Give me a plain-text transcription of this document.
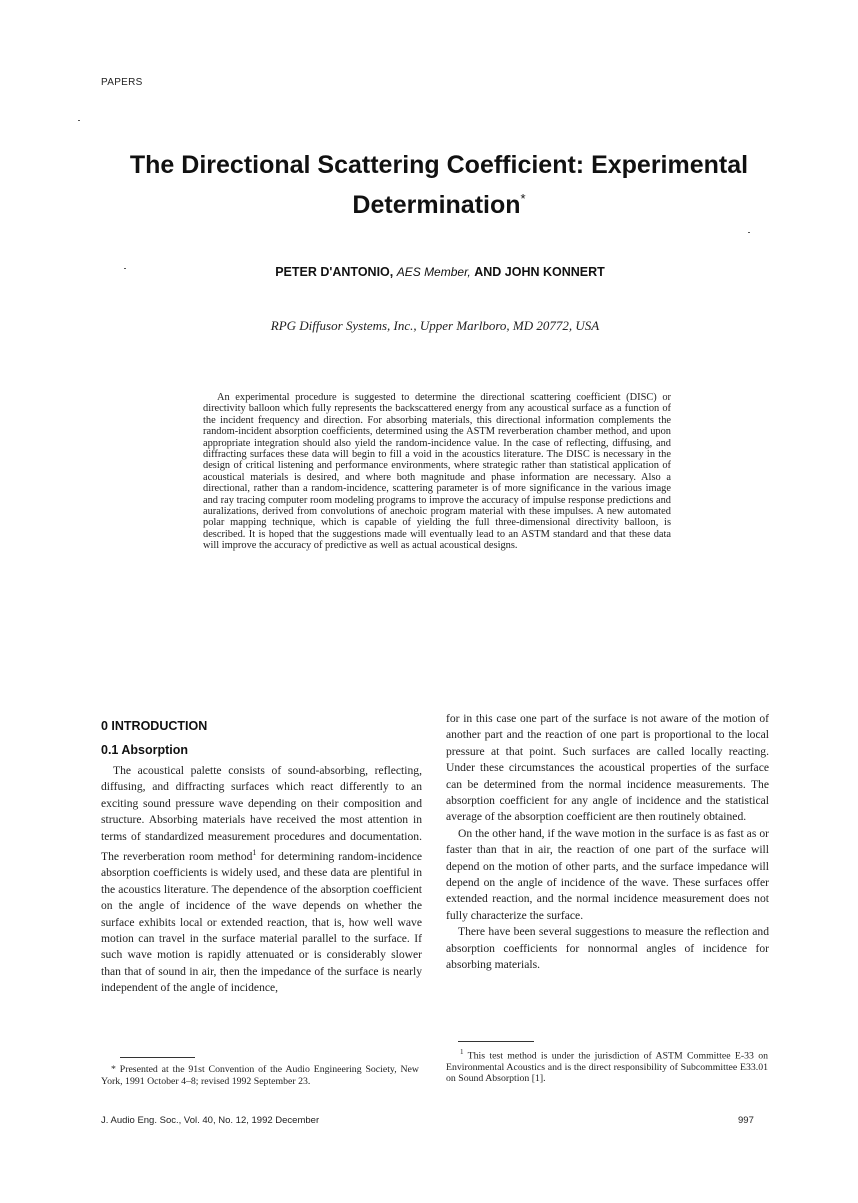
PAPERS
The Directional Scattering Coefficient: Experimental
Determination*
PETER D'ANTONIO, AES Member, AND JOHN KONNERT
RPG Diffusor Systems, Inc., Upper Marlboro, MD 20772, USA
An experimental procedure is suggested to determine the directional scattering coefficient (DISC) or directivity balloon which fully represents the backscattered energy from any acoustical surface as a function of the incident frequency and direction. For absorbing materials, this directional information complements the random-incident absorption coefficients, determined using the ASTM reverberation chamber method, and upon appropriate integration should also yield the random-incidence value. In the case of reflecting, diffusing, and diffracting surfaces these data will begin to fill a void in the acoustics literature. The DISC is necessary in the design of critical listening and performance environments, where strategic rather than statistical application of acoustical materials is desired, and where both magnitude and phase information are necessary. Also a directional, rather than a random-incidence, scattering parameter is of more significance in the various image and ray tracing computer room modeling programs to improve the accuracy of impulse response predictions and auralizations, derived from convolutions of anechoic program material with these impulses. A new automated polar mapping technique, which is capable of yielding the full three-dimensional directivity balloon, is described. It is hoped that the suggestions made will eventually lead to an ASTM standard and that these data will improve the accuracy of predictive as well as actual acoustical designs.
0 INTRODUCTION
0.1 Absorption

The acoustical palette consists of sound-absorbing, reflecting, diffusing, and diffracting surfaces which react differently to an exciting sound pressure wave depending on their composition and structure. Absorbing materials have received the most attention in terms of standardized measurement procedures and documentation. The reverberation room method$^1$ for determining random-incidence absorption coefficients is widely used, and these data are plentiful in the acoustics literature. The dependence of the absorption coefficient on the angle of incidence of the wave depends on whether the surface exhibits local or extended reaction, that is, how well wave motion can travel in the surface material parallel to the surface. If such wave motion is rapidly attenuated or is considerably slower than that of sound in air, then the impedance of the surface is nearly independent of the angle of incidence,

for in this case one part of the surface is not aware of the motion of another part and the reaction of one part is proportional to the local pressure at that point. Such surfaces are called locally reacting. Under these circumstances the acoustical properties of the surface can be determined from the normal incidence measurements. The absorption coefficient for any angle of incidence and the statistical average of the absorption coefficient are then routinely obtained.

On the other hand, if the wave motion in the surface is as fast as or faster than that in air, the reaction of one part of the surface will depend on the motion of other parts, and the surface impedance will depend on the angle of incidence of the wave. These surfaces offer extended reaction, and the normal incidence measurement does not fully characterize the surface.

There have been several suggestions to measure the reflection and absorption coefficients for nonnormal angles of incidence for absorbing materials.

* Presented at the 91st Convention of the Audio Engineering Society, New York, 1991 October 4–8; revised 1992 September 23.
$^1$ This test method is under the jurisdiction of ASTM Committee E-33 on Environmental Acoustics and is the direct responsibility of Subcommittee E33.01 on Sound Absorption [1].
J. Audio Eng. Soc., Vol. 40, No. 12, 1992 December	997
